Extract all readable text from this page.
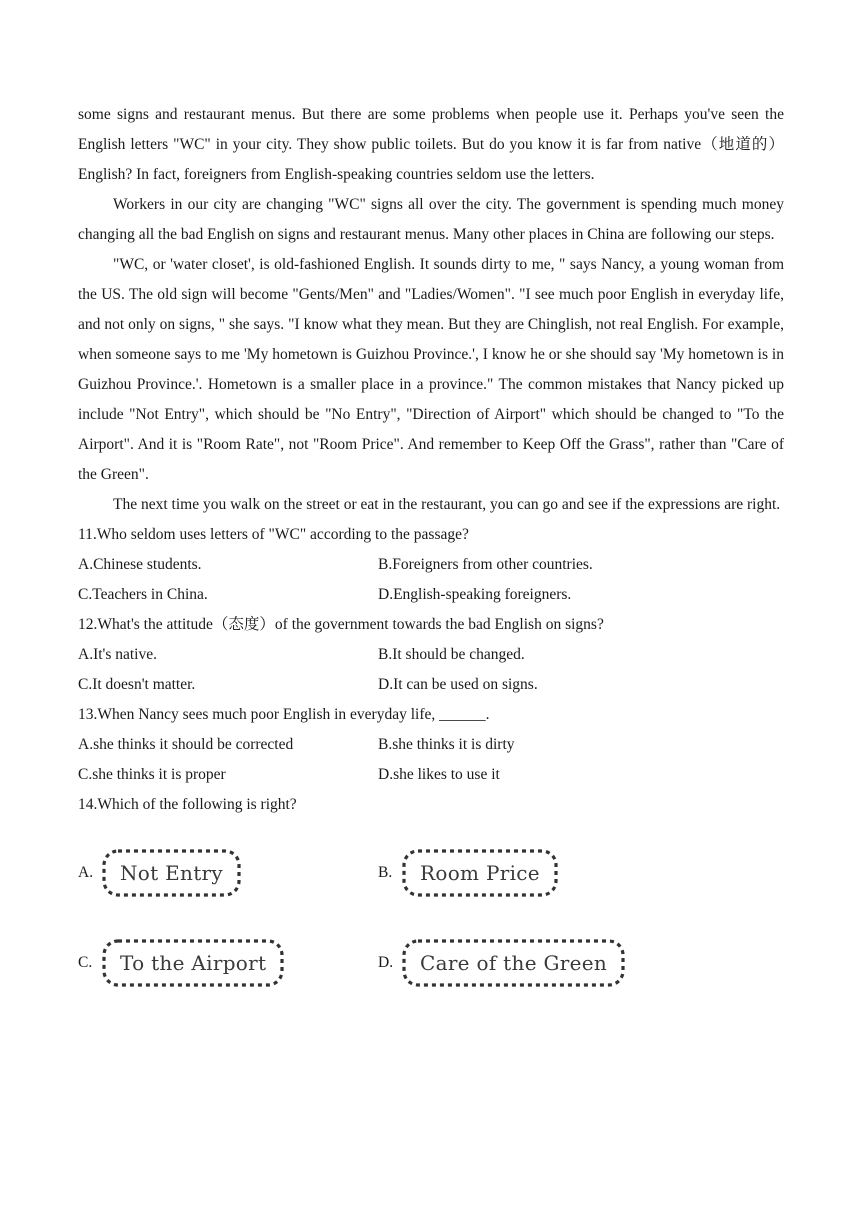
some signs and restaurant menus. But there are some problems when people use it. Perhaps you've seen the English letters "WC" in your city. They show public toilets. But do you know it is far from native（地道的）English? In fact, foreigners from English-speaking countries seldom use the letters.

Workers in our city are changing "WC" signs all over the city. The government is spending much money changing all the bad English on signs and restaurant menus. Many other places in China are following our steps.

"WC, or 'water closet', is old-fashioned English. It sounds dirty to me, " says Nancy, a young woman from the US. The old sign will become "Gents/Men" and "Ladies/Women". "I see much poor English in everyday life, and not only on signs, " she says. "I know what they mean. But they are Chinglish, not real English. For example, when someone says to me 'My hometown is Guizhou Province.', I know he or she should say 'My hometown is in Guizhou Province.'. Hometown is a smaller place in a province." The common mistakes that Nancy picked up include "Not Entry", which should be "No Entry", "Direction of Airport" which should be changed to "To the Airport". And it is "Room Rate", not "Room Price". And remember to Keep Off the Grass", rather than "Care of the Green".

The next time you walk on the street or eat in the restaurant, you can go and see if the expressions are right.

11.Who seldom uses letters of "WC" according to the passage?

A.Chinese students.	B.Foreigners from other countries.

C.Teachers in China.	D.English-speaking foreigners.

12.What's the attitude（态度）of the government towards the bad English on signs?

A.It's native.	B.It should be changed.

C.It doesn't matter.	D.It can be used on signs.

13.When Nancy sees much poor English in everyday life, ______.

A.she thinks it should be corrected	B.she thinks it is dirty

C.she thinks it is proper	D.she likes to use it

14.Which of the following is right?

A.	Not Entry	B.	Room Price
C.	To the Airport	D.	Care of the Green
